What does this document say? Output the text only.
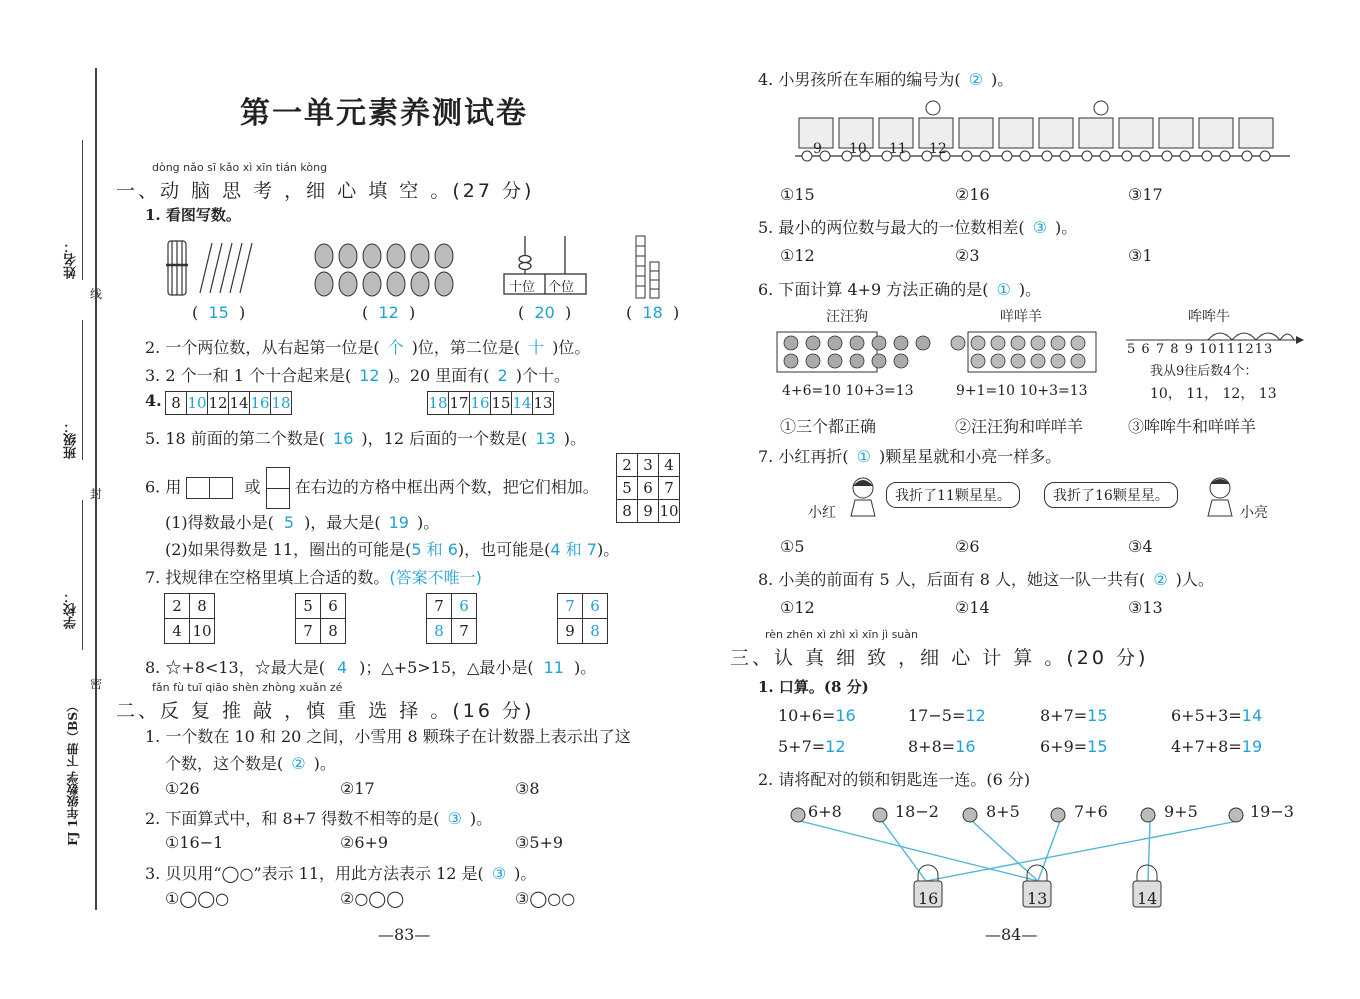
姓名：
线
班级：
封
学校：
密
FJ 1年级数学 下册（BS）
第一单元素养测试卷
dòng nǎo sī kǎo xì xīn tián kòng
一、动 脑 思 考 ，细 心 填 空 。(27 分)
1. 看图写数。
十位 个位
(  15  )	(  12  )	(  20  )	(  18  )
2. 一个两位数，从右起第一位是( 个 )位，第二位是( 十 )位。
3. 2 个一和 1 个十合起来是( 12 )。20 里面有( 2 )个十。
4. 8	10	12	14	16	18	18	17	16	15	14	13
5. 18 前面的第二个数是( 16 )，12 后面的一个数是( 13 )。
6. 用	或 在右边的方格中框出两个数，把它们相加。
2	3	4
5	6	7
8	9	10
(1)得数最小是( 5 )，最大是( 19 )。
(2)如果得数是 11，圈出的可能是(5 和 6)，也可能是(4 和 7)。
7. 找规律在空格里填上合适的数。(答案不唯一)
2	8
4	10
5	6
7	8
7	6
8	7
7	6
9	8
8. ☆+8<13，☆最大是( 4 )；△+5>15，△最小是( 11 )。
fǎn fù tuī qiāo shèn zhòng xuǎn zé
二、反 复 推 敲 ，慎 重 选 择 。(16 分)
1. 一个数在 10 和 20 之间，小雪用 8 颗珠子在计数器上表示出了这
个数，这个数是( ② )。
①26	②17	③8
2. 下面算式中，和 8+7 得数不相等的是( ③ )。
①16−1	②6+9	③5+9
3. 贝贝用“◯○”表示 11，用此方法表示 12 是( ③ )。
①◯◯○	②○◯◯	③◯○○
—83—
4. 小男孩所在车厢的编号为( ② )。
9 10 11 12
①15	②16	③17
5. 最小的两位数与最大的一位数相差( ③ )。
①12	②3	③1
6. 下面计算 4+9 方法正确的是( ① )。
汪汪狗	咩咩羊	哞哞牛
5 6 7 8 9 10111213
我从9往后数4个：
10， 11， 12， 13
4+6=10 10+3=13	9+1=10 10+3=13
①三个都正确	②汪汪狗和咩咩羊	③哞哞牛和咩咩羊
7. 小红再折( ① )颗星星就和小亮一样多。
小红
我折了11颗星星。	我折了16颗星星。
小亮
①5	②6	③4
8. 小美的前面有 5 人，后面有 8 人，她这一队一共有( ② )人。
①12	②14	③13
rèn zhēn xì zhì xì xīn jì suàn
三、认 真 细 致 ，细 心 计 算 。(20 分)
1. 口算。(8 分)
10+6=16	17−5=12	8+7=15	6+5+3=14
5+7=12	8+8=16	6+9=15	4+7+8=19
2. 请将配对的锁和钥匙连一连。(6 分)
6+8	18−2	8+5	7+6	9+5	19−3
16	13	14
—84—
